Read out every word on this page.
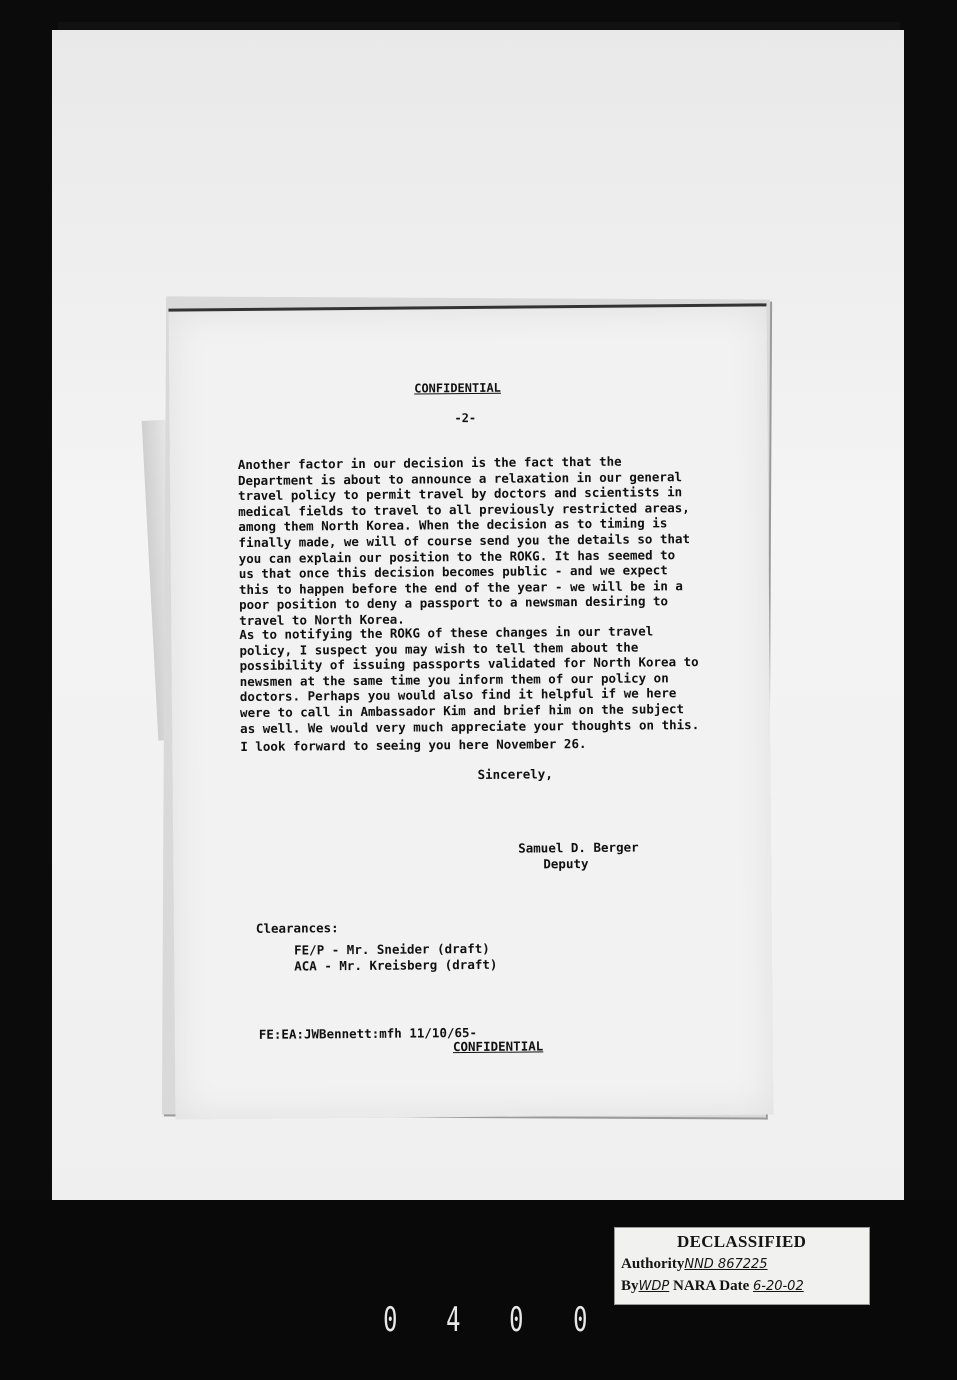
CONFIDENTIAL
-2-

Another factor in our decision is the fact that the
Department is about to announce a relaxation in our general
travel policy to permit travel by doctors and scientists in
medical fields to travel to all previously restricted areas,
among them North Korea. When the decision as to timing is
finally made, we will of course send you the details so that
you can explain our position to the ROKG. It has seemed to
us that once this decision becomes public - and we expect
this to happen before the end of the year - we will be in a
poor position to deny a passport to a newsman desiring to
travel to North Korea.

As to notifying the ROKG of these changes in our travel
policy, I suspect you may wish to tell them about the
possibility of issuing passports validated for North Korea to
newsmen at the same time you inform them of our policy on
doctors. Perhaps you would also find it helpful if we here
were to call in Ambassador Kim and brief him on the subject
as well. We would very much appreciate your thoughts on this.

I look forward to seeing you here November 26.

Sincerely,
Samuel D. Berger
Deputy
Clearances:
FE/P - Mr. Sneider (draft)
ACA - Mr. Kreisberg (draft)
FE:EA:JWBennett:mfh 11/10/65-
CONFIDENTIAL
DECLASSIFIED
AuthorityNND 867225
ByWDP NARA Date 6-20-02
0 4 0 0
